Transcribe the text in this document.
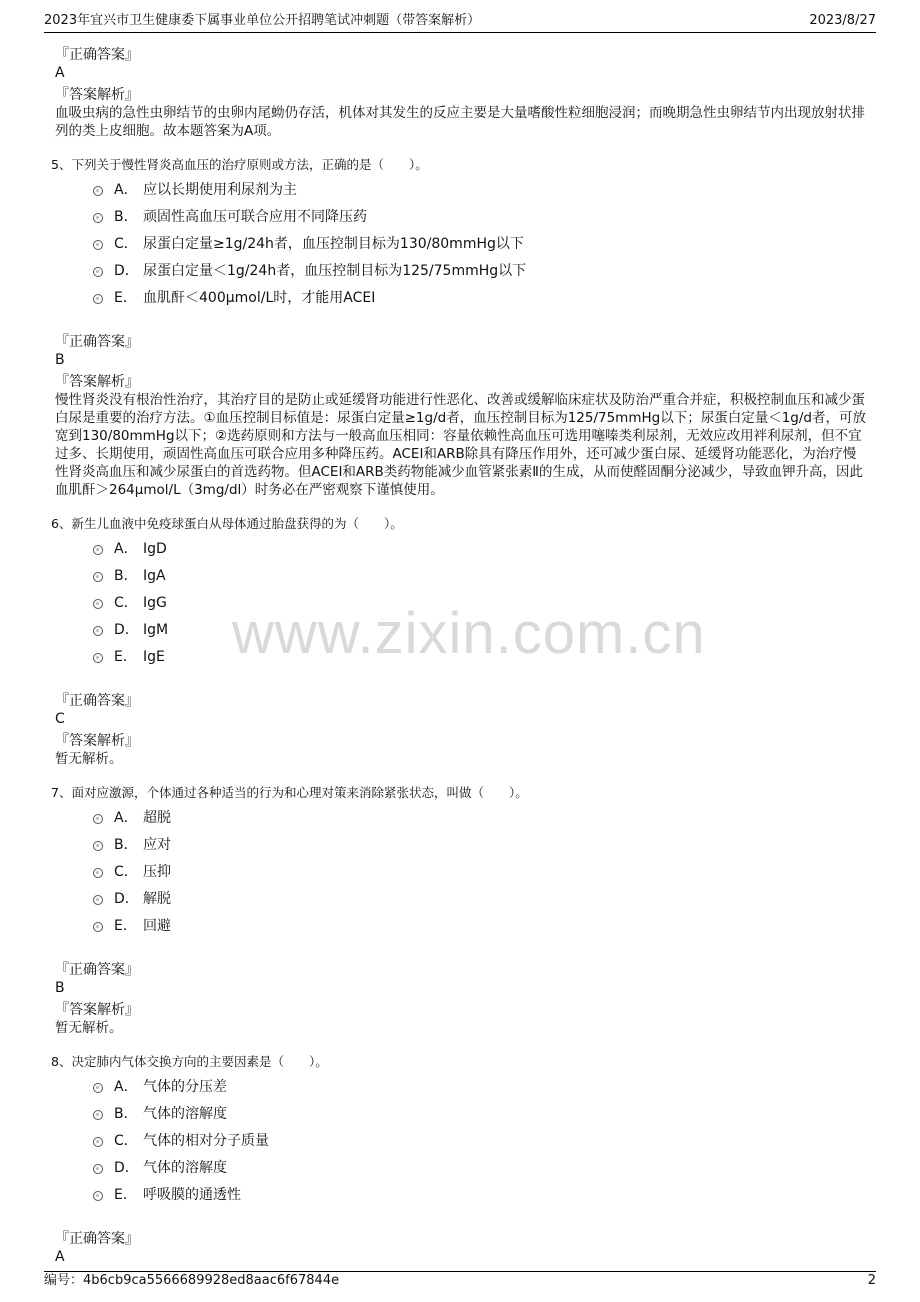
2023年宜兴市卫生健康委下属事业单位公开招聘笔试冲刺题（带答案解析）	2023/8/27
www.zixin.com.cn
『正确答案』
A
『答案解析』

血吸虫病的急性虫卵结节的虫卵内尾蚴仍存活，机体对其发生的反应主要是大量嗜酸性粒细胞浸润；而晚期急性虫卵结节内出现放射状排列的类上皮细胞。故本题答案为A项。

5、下列关于慢性肾炎高血压的治疗原则或方法，正确的是（　　）。
A． 应以长期使用利尿剂为主
B． 顽固性高血压可联合应用不同降压药
C． 尿蛋白定量≥1g/24h者，血压控制目标为130/80mmHg以下
D． 尿蛋白定量＜1g/24h者，血压控制目标为125/75mmHg以下
E． 血肌酐＜400μmol/L时，才能用ACEI
『正确答案』
B
『答案解析』

慢性肾炎没有根治性治疗，其治疗目的是防止或延缓肾功能进行性恶化、改善或缓解临床症状及防治严重合并症，积极控制血压和减少蛋白尿是重要的治疗方法。①血压控制目标值是：尿蛋白定量≥1g/d者，血压控制目标为125/75mmHg以下；尿蛋白定量＜1g/d者，可放宽到130/80mmHg以下；②选药原则和方法与一般高血压相同：容量依赖性高血压可选用噻嗪类利尿剂，无效应改用袢利尿剂，但不宜过多、长期使用，顽固性高血压可联合应用多种降压药。ACEI和ARB除具有降压作用外，还可减少蛋白尿、延缓肾功能恶化，为治疗慢性肾炎高血压和减少尿蛋白的首选药物。但ACEI和ARB类药物能减少血管紧张素Ⅱ的生成，从而使醛固酮分泌减少，导致血钾升高，因此血肌酐＞264μmol/L（3mg/dl）时务必在严密观察下谨慎使用。

6、新生儿血液中免疫球蛋白从母体通过胎盘获得的为（　　）。
A． IgD
B． IgA
C． IgG
D． IgM
E． IgE
『正确答案』
C
『答案解析』

暂无解析。

7、面对应激源，个体通过各种适当的行为和心理对策来消除紧张状态，叫做（　　）。
A． 超脱
B． 应对
C． 压抑
D． 解脱
E． 回避
『正确答案』
B
『答案解析』

暂无解析。

8、决定肺内气体交换方向的主要因素是（　　）。
A． 气体的分压差
B． 气体的溶解度
C． 气体的相对分子质量
D． 气体的溶解度
E． 呼吸膜的通透性
『正确答案』
A
编号：4b6cb9ca5566689928ed8aac6f67844e	2
